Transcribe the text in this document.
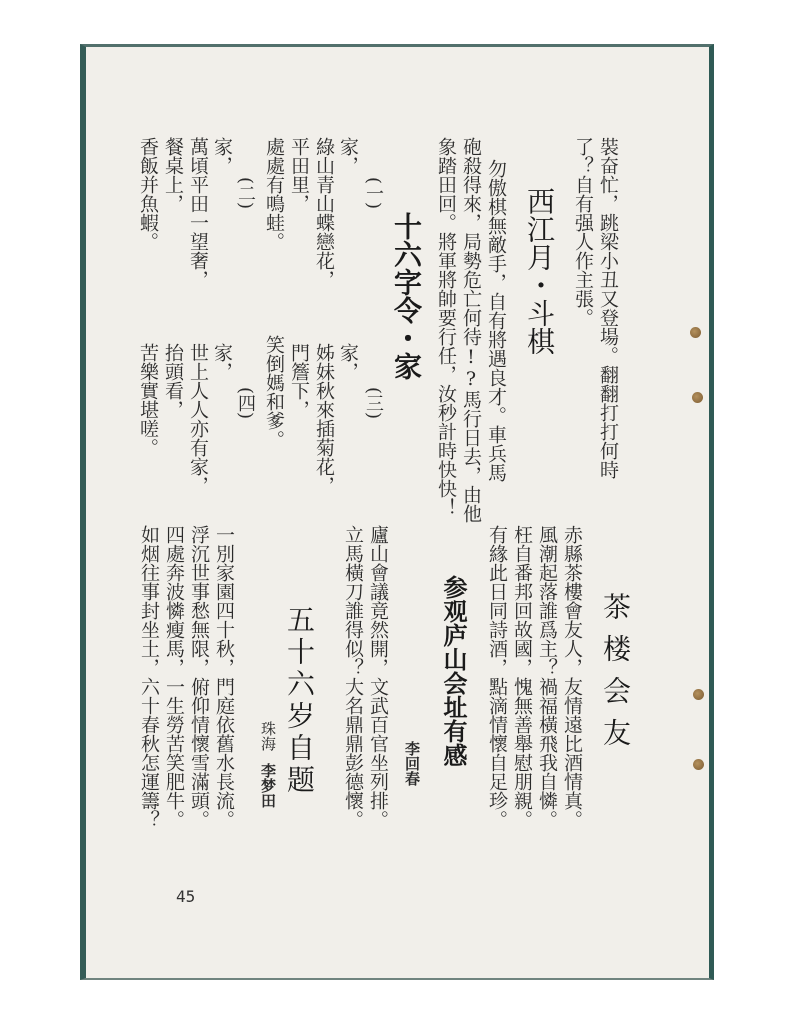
裝奋忙，跳梁小丑又登場。翻翻打打何時
了？自有强人作主張。
西江月・斗棋
勿傲棋無敵手，自有將遇良才。車兵馬
砲殺得來，局勢危亡何待!?馬行日去，由他
象踏田回。將軍將帥要行任，汝秒計時快快！
十六字令・家
(三)
家，
姊妹秋來插菊花，
門簷下，
笑倒媽和爹。
(一)
家，
綠山青山蝶戀花，
平田里，
處處有鳴蛙。
(四)
家，
世上人人亦有家，
抬頭看，
苦樂實堪嗟。
(二)
家，
萬頃平田一望奢，
餐桌上，
香飯并魚蝦。
茶楼会友
赤縣茶樓會友人，友情遠比酒情真。
風潮起落誰爲主？禍福橫飛我自憐。
枉自番邦回故國，愧無善舉慰朋親。
有緣此日同詩酒，點滴情懷自足珍。
参观庐山会址有感
李回春
廬山會議竟然開，文武百官坐列排。
立馬橫刀誰得似？大名鼎鼎彭德懷。
五十六岁自题
珠海
李梦田
一別家園四十秋，門庭依舊水長流。
浮沉世事愁無限，俯仰情懷雪滿頭。
四處奔波憐瘦馬，一生勞苦笑肥牛。
如烟往事封坐土，六十春秋怎運籌？
45
